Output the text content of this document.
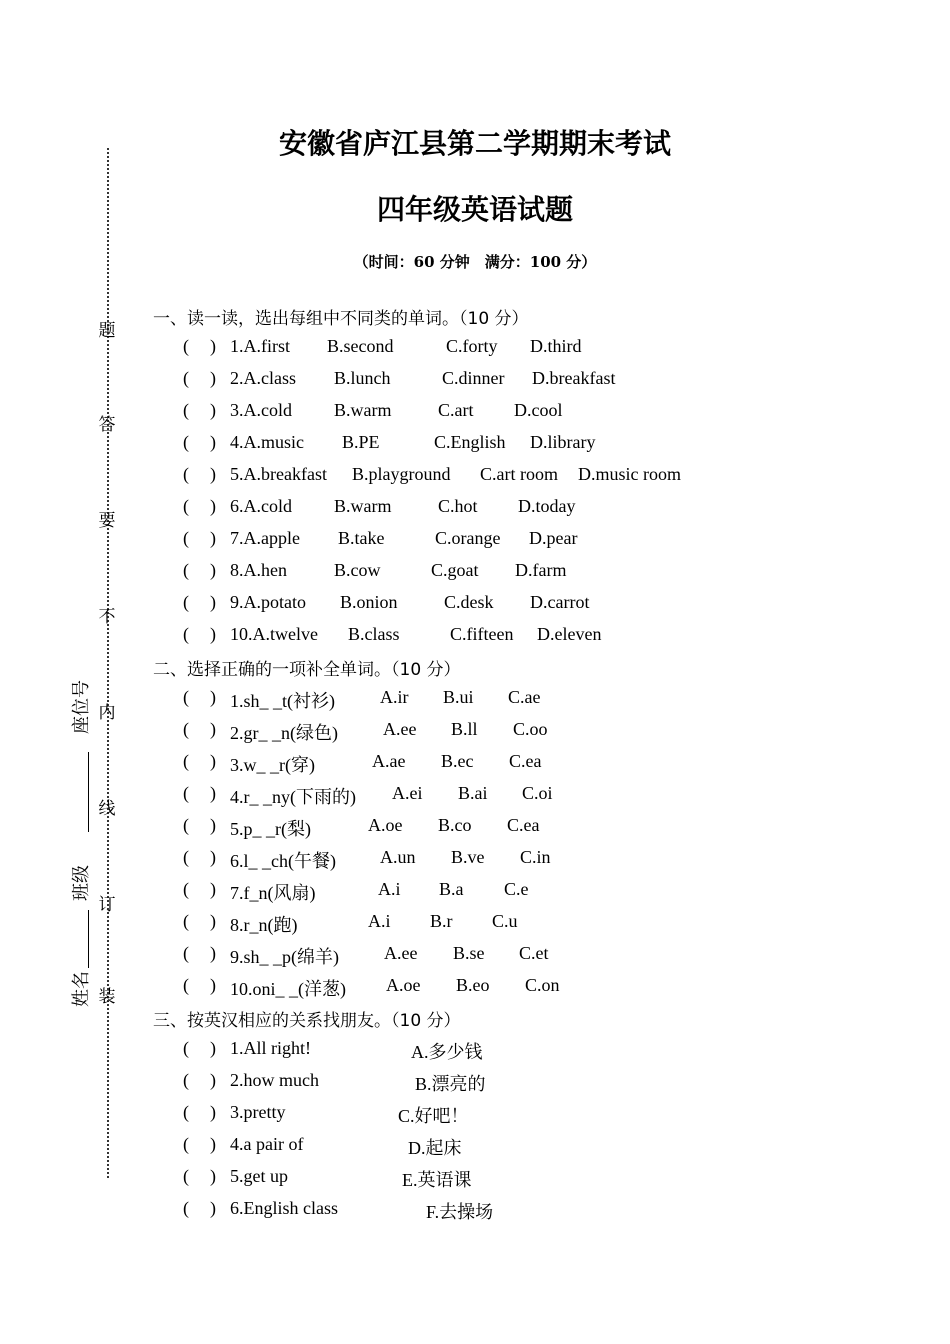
题
答
要
不
内
线
订
装
座位号
班级
姓名
安徽省庐江县第二学期期末考试
四年级英语试题
（时间：60 分钟　满分：100 分）
一、读一读，选出每组中不同类的单词。（10 分）
( ) 1.A.first B.second	C.forty D.third
( ) 2.A.class B.lunch	C.dinner D.breakfast
( ) 3.A.cold B.warm	C.art D.cool
( ) 4.A.music B.PE	C.English D.library
( ) 5.A.breakfast B.playground C.art room D.music room
( ) 6.A.cold B.warm	C.hot D.today
( ) 7.A.apple B.take	C.orange D.pear
( ) 8.A.hen	B.cow	C.goat D.farm
( ) 9.A.potato B.onion	C.desk D.carrot
( ) 10.A.twelve B.class	C.fifteen D.eleven
二、选择正确的一项补全单词。（10 分）
( ) 1.sh_ _t(衬衫)	A.ir B.ui C.ae
( ) 2.gr_ _n(绿色)	A.ee B.ll C.oo
( ) 3.w_ _r(穿)	A.ae B.ec C.ea
( ) 4.r_ _ny(下雨的) A.ei B.ai C.oi
( ) 5.p_ _r(梨)	A.oe B.co C.ea
( ) 6.l_ _ch(午餐) A.un B.ve C.in
( ) 7.f_n(风扇)	A.i B.a C.e
( ) 8.r_n(跑)	A.i B.r C.u
( ) 9.sh_ _p(绵羊)	A.ee B.se C.et
( ) 10.oni_ _(洋葱) A.oe B.eo C.on
三、按英汉相应的关系找朋友。（10 分）
( ) 1.All right!	A.多少钱
( ) 2.how much	B.漂亮的
( ) 3.pretty	C.好吧！
( ) 4.a pair of	D.起床
( ) 5.get up	E.英语课
( ) 6.English class	F.去操场
